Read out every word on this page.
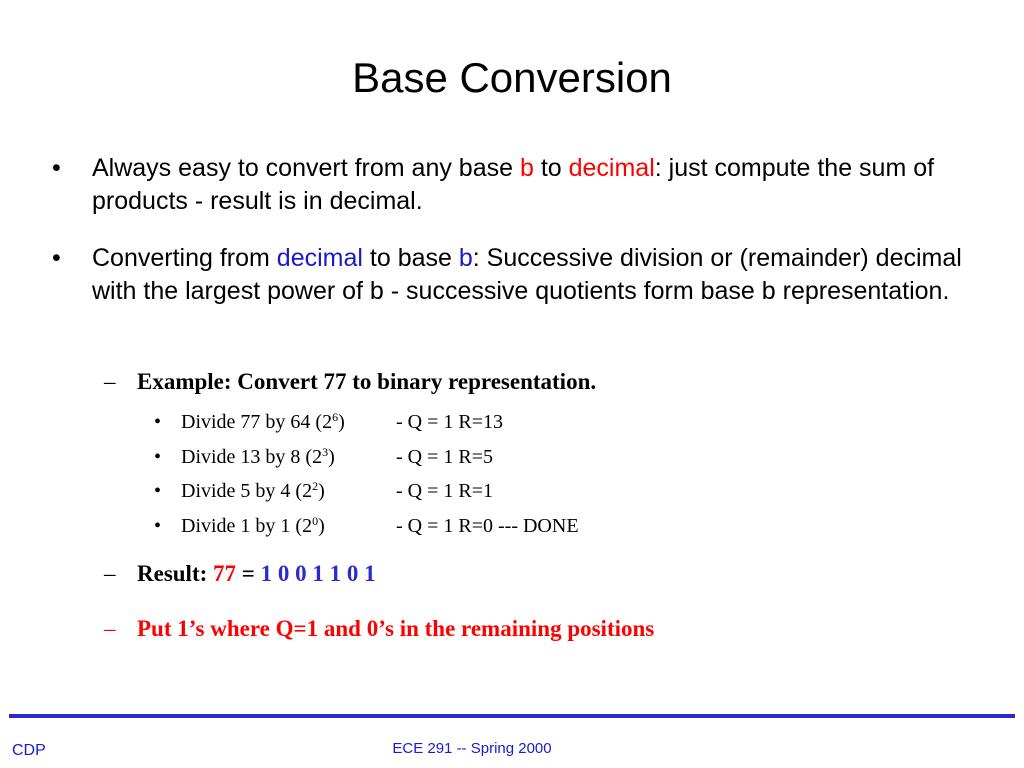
Base Conversion
• Always easy to convert from any base b to decimal: just compute the sum of products - result is in decimal.
• Converting from decimal to base b: Successive division or (remainder) decimal with the largest power of b - successive quotients form base b representation.
– Example: Convert 77 to binary representation.
• Divide 77 by 64 $(2^6)$	- Q = 1 R=13
• Divide 13 by 8 $(2^3)$	- Q = 1 R=5
• Divide 5 by 4 $(2^2)$	- Q = 1 R=1
• Divide 1 by 1 $(2^0)$	- Q = 1 R=0 --- DONE
– Result: 77 = 1 0 0 1 1 0 1
– Put 1’s where Q=1 and 0’s in the remaining positions
CDP	ECE 291 -- Spring 2000
